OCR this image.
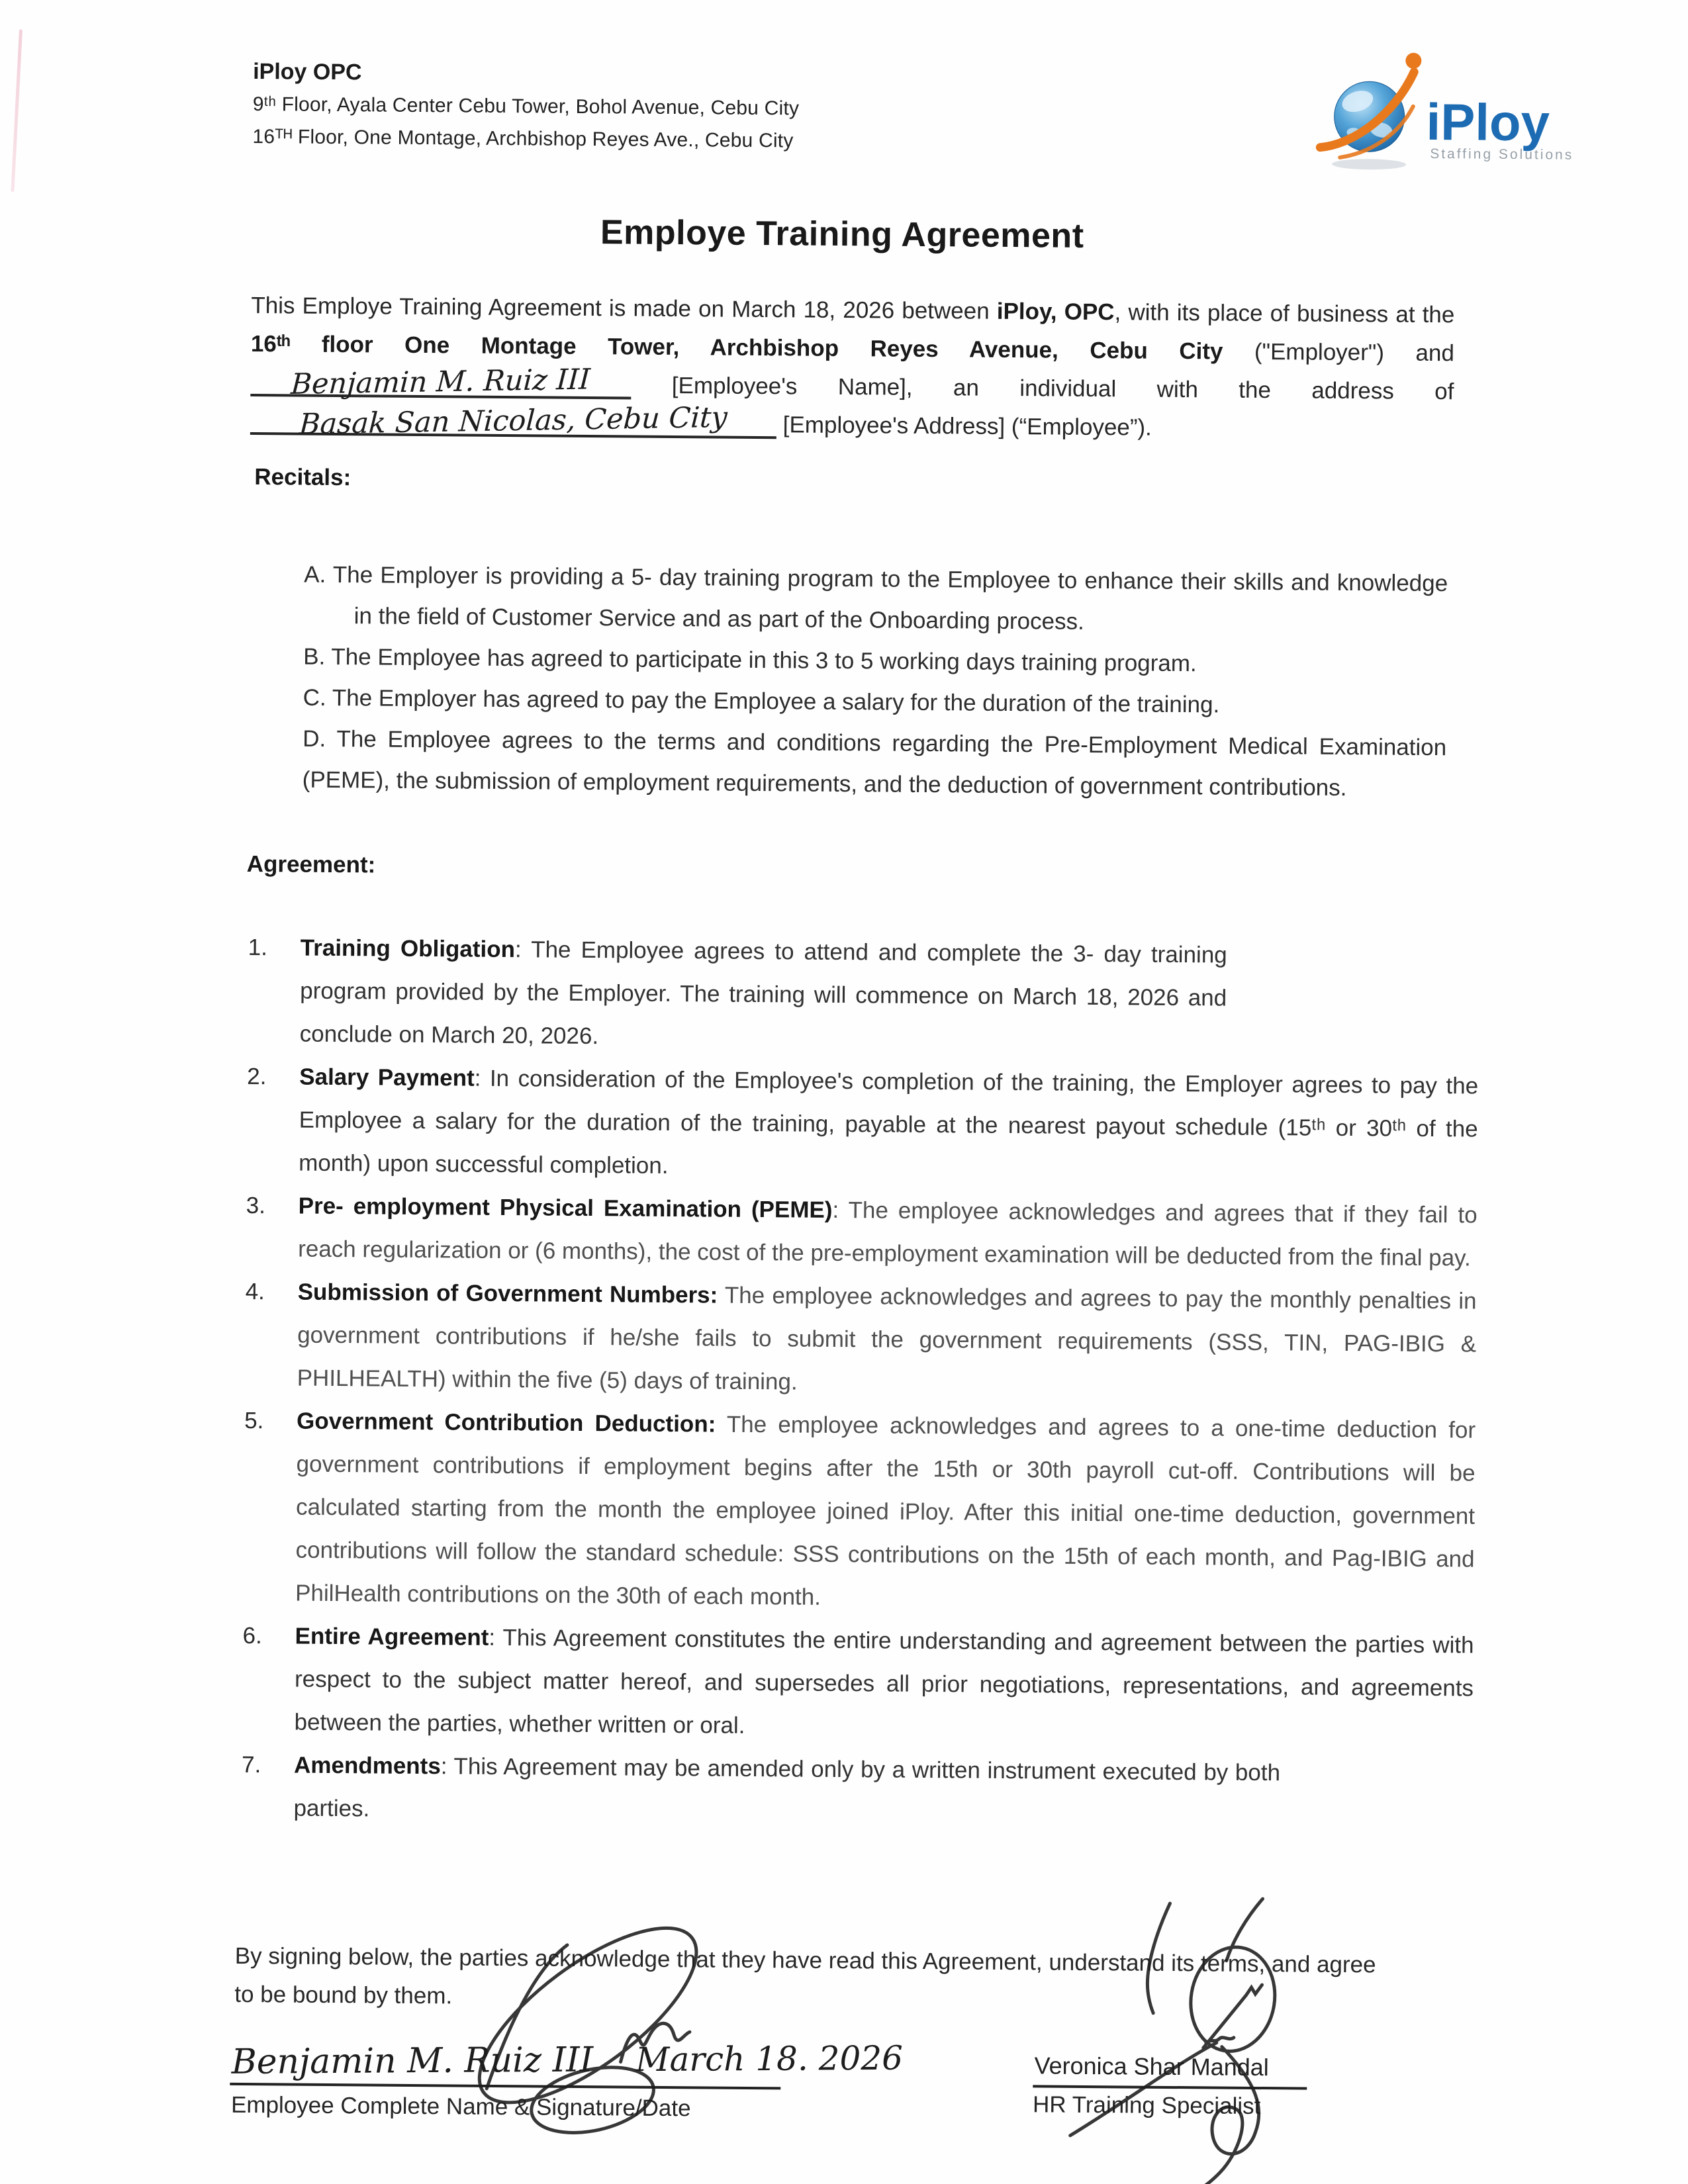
iPloy OPC
9ᵗʰ Floor, Ayala Center Cebu Tower, Bohol Avenue, Cebu City
16ᵀᴴ Floor, One Montage, Archbishop Reyes Ave., Cebu City	iPloy
Staffing Solutions
Employe Training Agreement
This Employe Training Agreement is made on March 18, 2026 between iPloy, OPC, with its place of business at the 16ᵗʰ floor One Montage Tower, Archbishop Reyes Avenue, Cebu City ("Employer") and Benjamin M. Ruiz III [Employee's Name], an individual with the address of Basak San Nicolas, Cebu City [Employee's Address] (“Employee”).
Recitals:
A. The Employer is providing a 5- day training program to the Employee to enhance their skills and knowledge in the field of Customer Service and as part of the Onboarding process.
B. The Employee has agreed to participate in this 3 to 5 working days training program.
C. The Employer has agreed to pay the Employee a salary for the duration of the training.
D. The Employee agrees to the terms and conditions regarding the Pre-Employment Medical Examination (PEME), the submission of employment requirements, and the deduction of government contributions.
Agreement:
1.	Training Obligation: The Employee agrees to attend and complete the 3- day training program provided by the Employer. The training will commence on March 18, 2026 and conclude on March 20, 2026.
2.	Salary Payment: In consideration of the Employee's completion of the training, the Employer agrees to pay the Employee a salary for the duration of the training, payable at the nearest payout schedule (15ᵗʰ or 30ᵗʰ of the month) upon successful completion.
3.	Pre- employment Physical Examination (PEME): The employee acknowledges and agrees that if they fail to reach regularization or (6 months), the cost of the pre-employment examination will be deducted from the final pay.
4.	Submission of Government Numbers: The employee acknowledges and agrees to pay the monthly penalties in government contributions if he/she fails to submit the government requirements (SSS, TIN, PAG-IBIG & PHILHEALTH) within the five (5) days of training.
5.	Government Contribution Deduction: The employee acknowledges and agrees to a one-time deduction for government contributions if employment begins after the 15th or 30th payroll cut-off. Contributions will be calculated starting from the month the employee joined iPloy. After this initial one-time deduction, government contributions will follow the standard schedule: SSS contributions on the 15th of each month, and Pag-IBIG and PhilHealth contributions on the 30th of each month.
6.	Entire Agreement: This Agreement constitutes the entire understanding and agreement between the parties with respect to the subject matter hereof, and supersedes all prior negotiations, representations, and agreements between the parties, whether written or oral.
7.	Amendments: This Agreement may be amended only by a written instrument executed by both parties.
By signing below, the parties acknowledge that they have read this Agreement, understand its terms, and agree to be bound by them.
Benjamin M. Ruiz III March 18. 2026
Employee Complete Name & Signature/Date
Veronica Shar Mandal
HR Training Specialist
